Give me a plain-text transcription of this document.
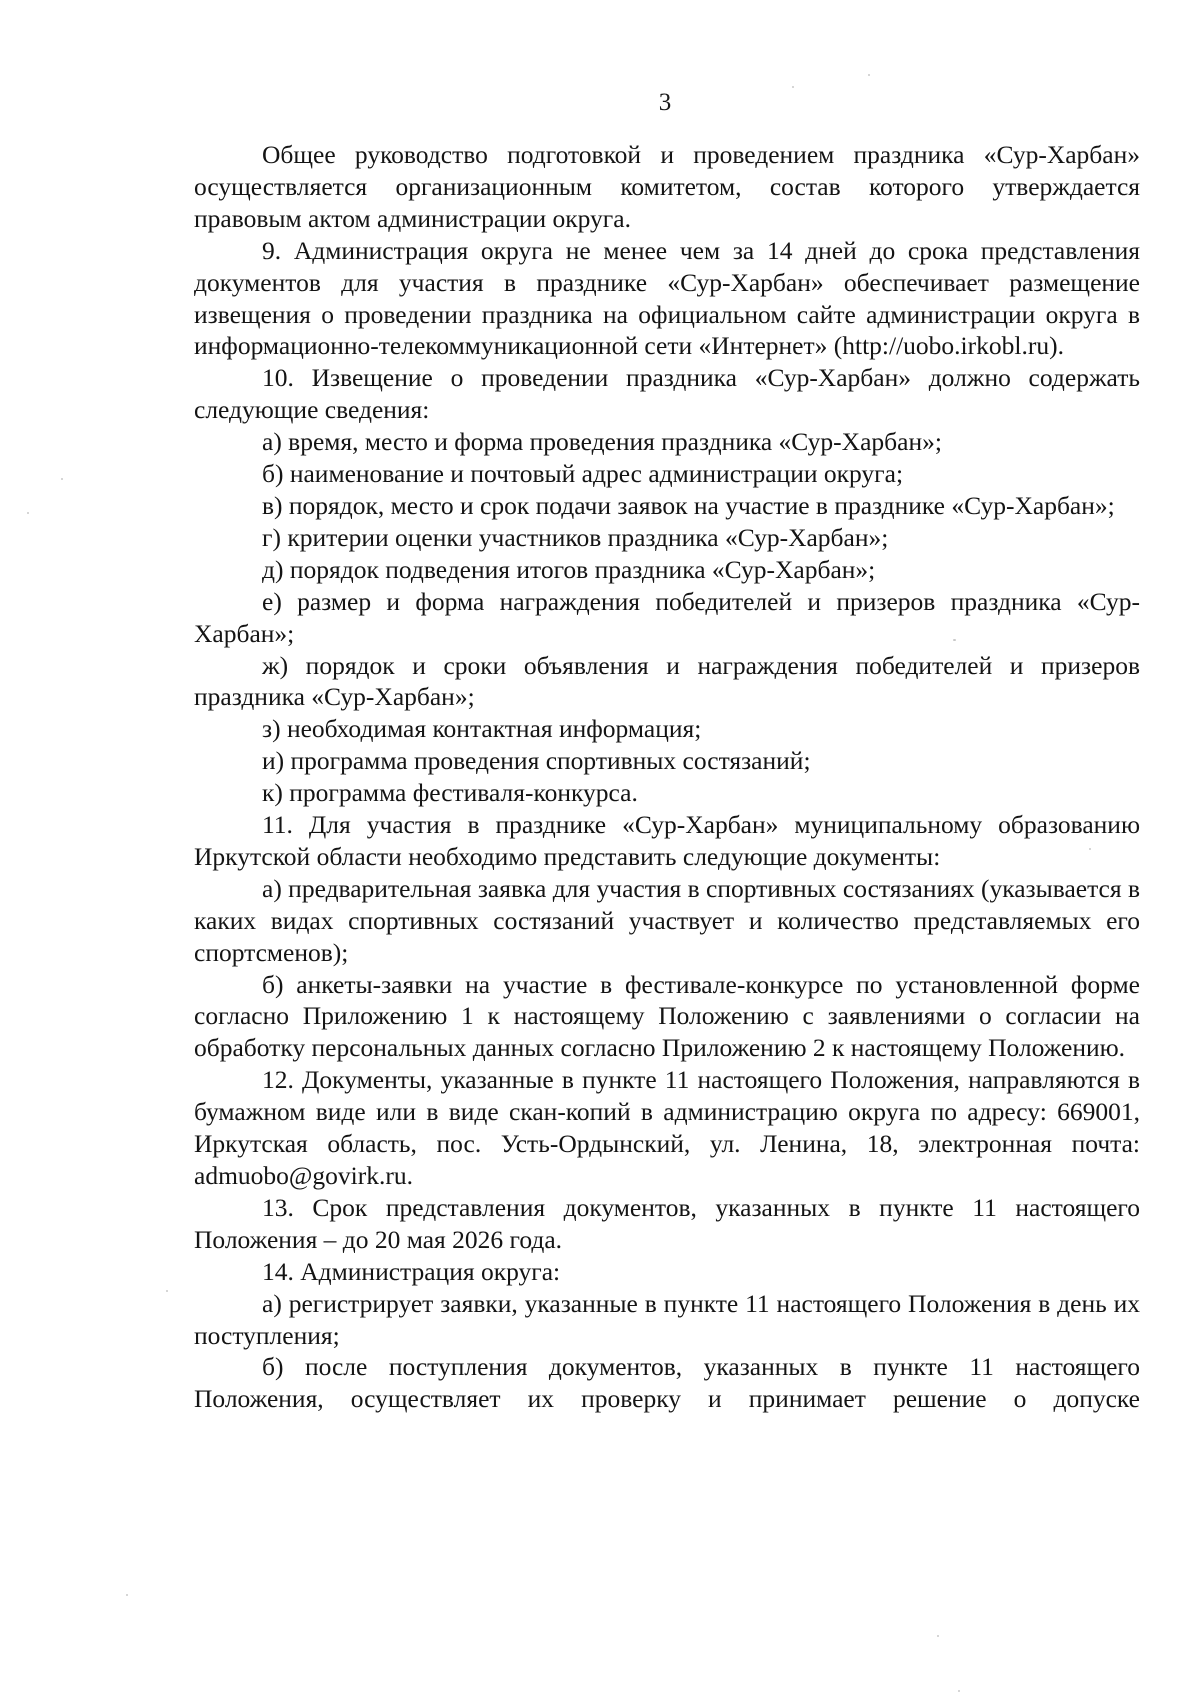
3

Общее руководство подготовкой и проведением праздника «Сур-Харбан» осуществляется организационным комитетом, состав которого утверждается правовым актом администрации округа.

9. Администрация округа не менее чем за 14 дней до срока представления документов для участия в празднике «Сур-Харбан» обеспечивает размещение извещения о проведении праздника на официальном сайте администрации округа в информационно-телекоммуникационной сети «Интернет» (http://uobo.irkobl.ru).

10. Извещение о проведении праздника «Сур-Харбан» должно содержать следующие сведения:

а) время, место и форма проведения праздника «Сур-Харбан»;

б) наименование и почтовый адрес администрации округа;

в) порядок, место и срок подачи заявок на участие в празднике «Сур-Харбан»;

г) критерии оценки участников праздника «Сур-Харбан»;

д) порядок подведения итогов праздника «Сур-Харбан»;

е) размер и форма награждения победителей и призеров праздника «Сур-Харбан»;

ж) порядок и сроки объявления и награждения победителей и призеров праздника «Сур-Харбан»;

з) необходимая контактная информация;

и) программа проведения спортивных состязаний;

к) программа фестиваля-конкурса.

11. Для участия в празднике «Сур-Харбан» муниципальному образованию Иркутской области необходимо представить следующие документы:

а) предварительная заявка для участия в спортивных состязаниях (указывается в каких видах спортивных состязаний участвует и количество представляемых его спортсменов);

б) анкеты-заявки на участие в фестивале-конкурсе по установленной форме согласно Приложению 1 к настоящему Положению с заявлениями о согласии на обработку персональных данных согласно Приложению 2 к настоящему Положению.

12. Документы, указанные в пункте 11 настоящего Положения, направляются в бумажном виде или в виде скан-копий в администрацию округа по адресу: 669001, Иркутская область, пос. Усть-Ордынский, ул. Ленина, 18, электронная почта: admuobo@govirk.ru.

13. Срок представления документов, указанных в пункте 11 настоящего Положения – до 20 мая 2026 года.

14. Администрация округа:

а) регистрирует заявки, указанные в пункте 11 настоящего Положения в день их поступления;

б) после поступления документов, указанных в пункте 11 настоящего Положения, осуществляет их проверку и принимает решение о допуске
